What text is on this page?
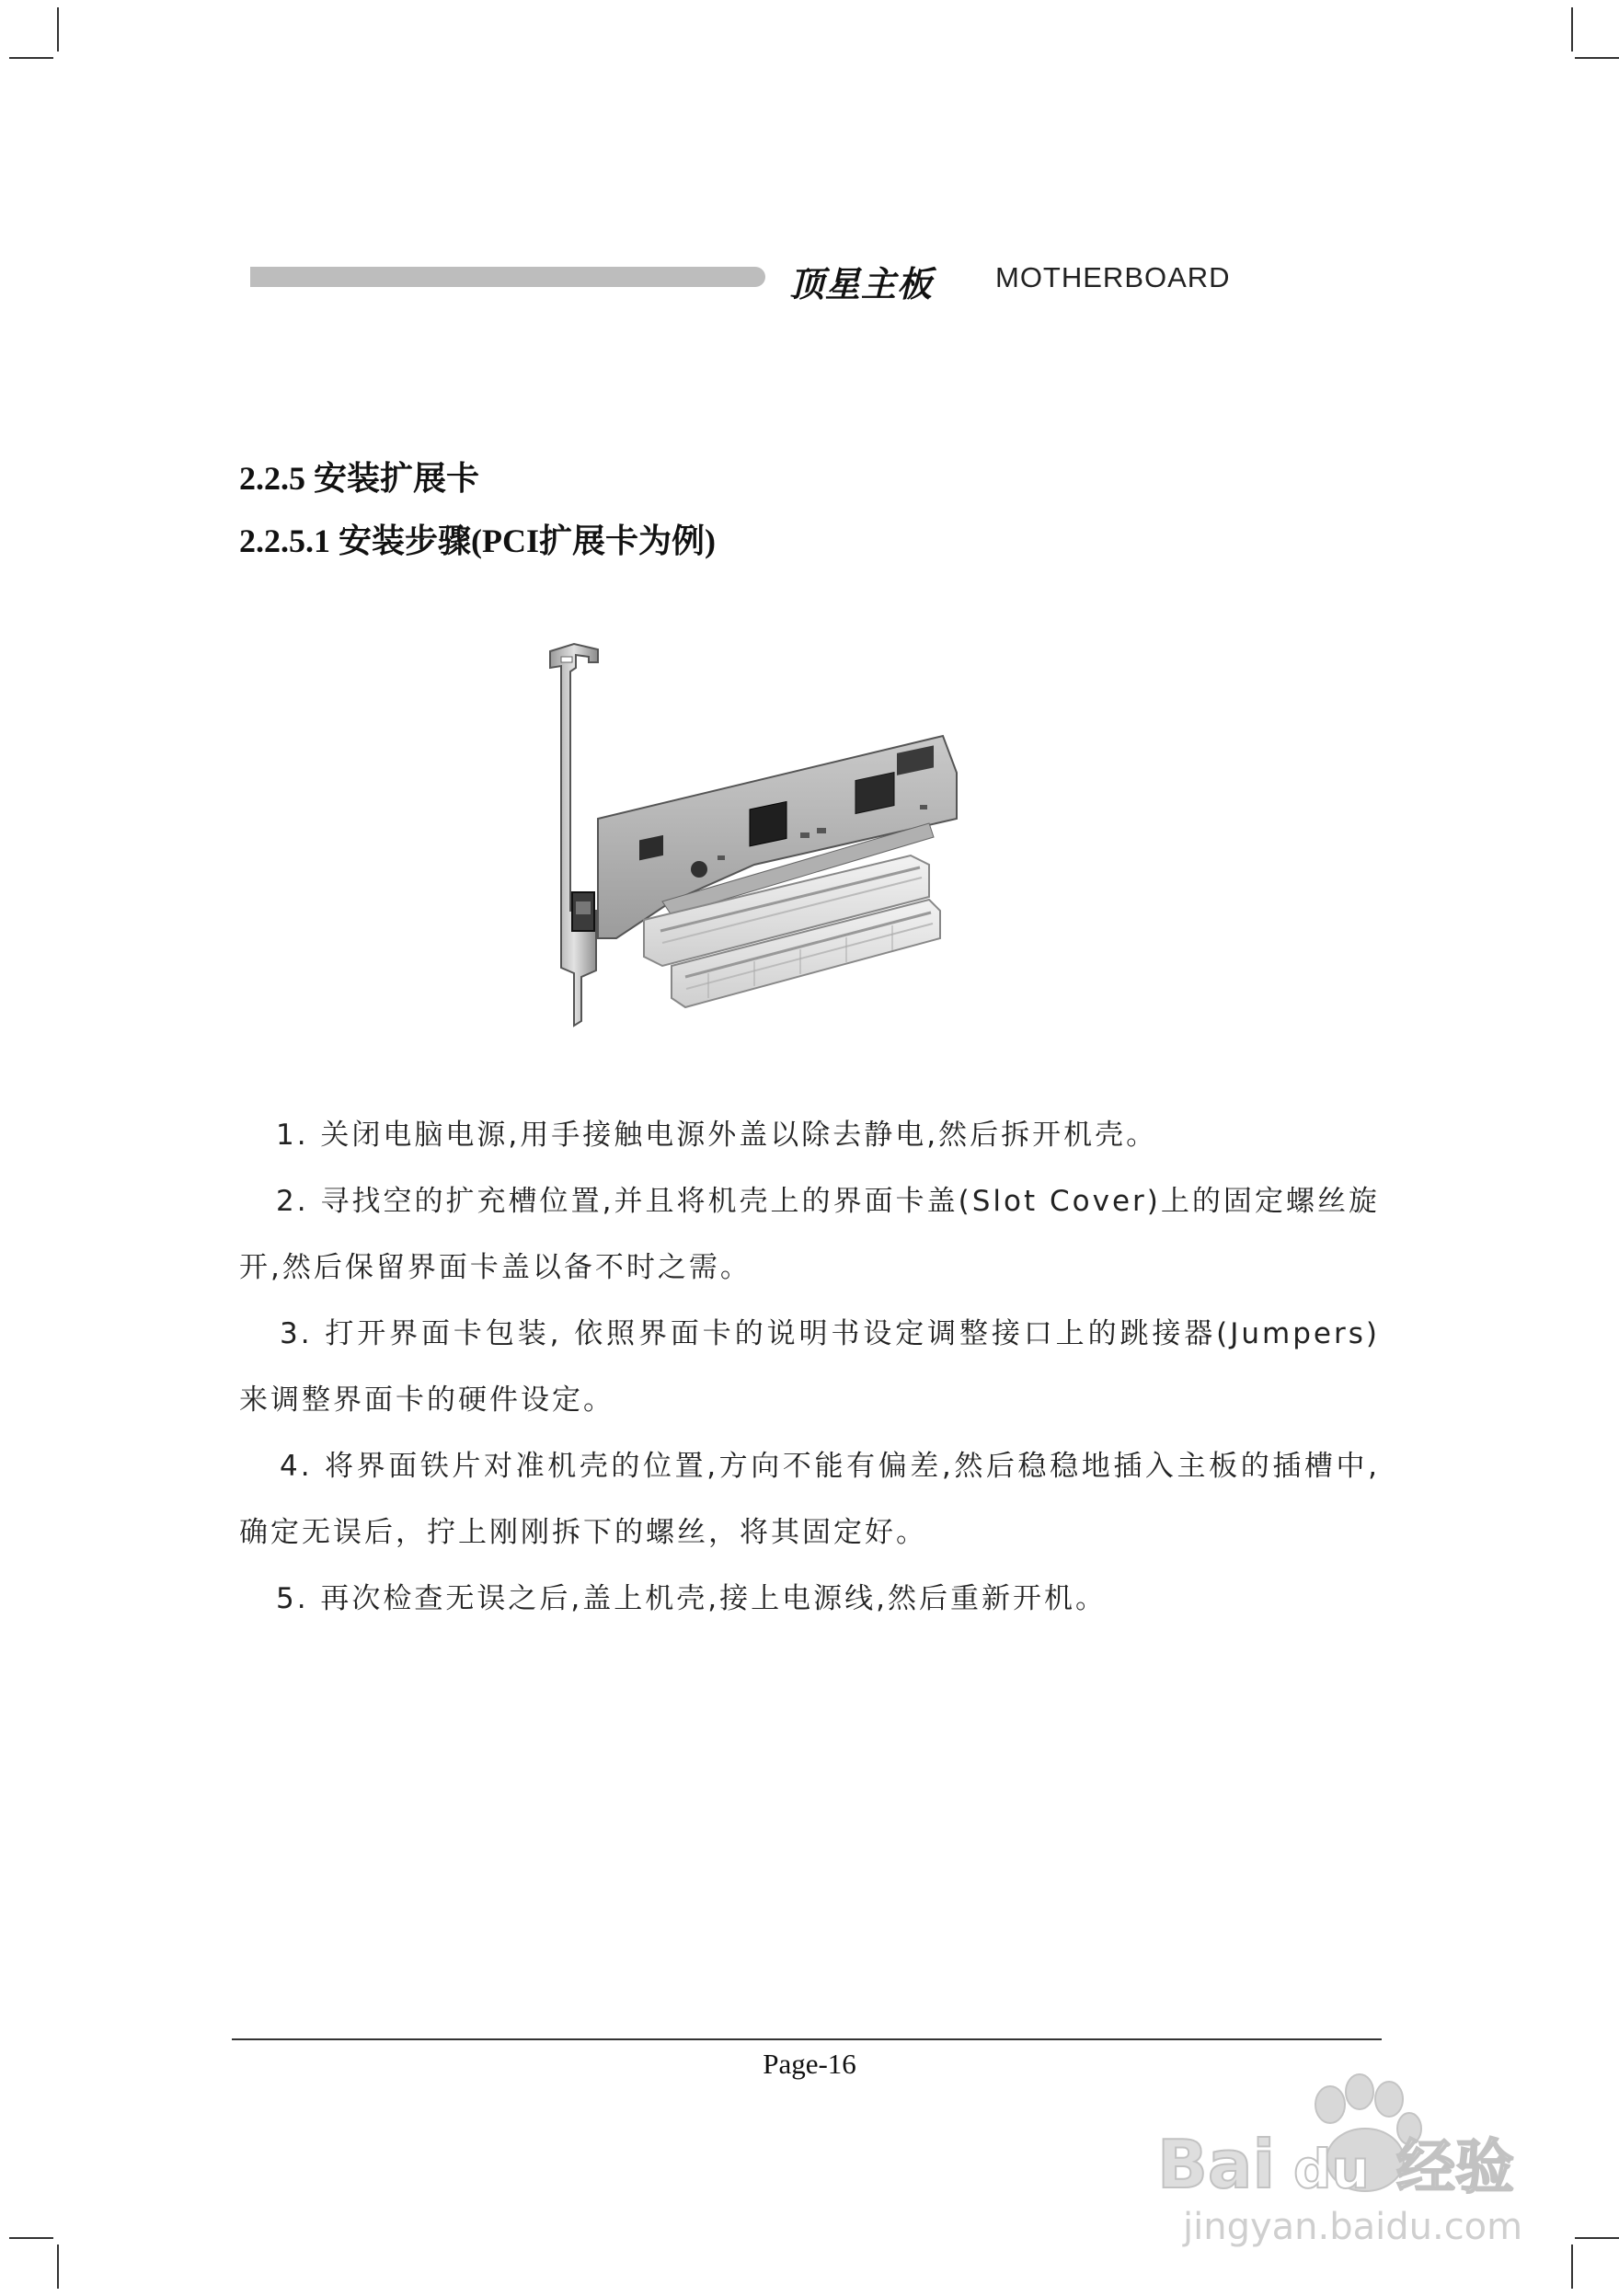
顶星主板 MOTHERBOARD
2.2.5 安装扩展卡
2.2.5.1 安装步骤(PCI扩展卡为例)

1. 关闭电脑电源,用手接触电源外盖以除去静电,然后拆开机壳。

2. 寻找空的扩充槽位置,并且将机壳上的界面卡盖(Slot Cover)上的固定螺丝旋开,然后保留界面卡盖以备不时之需。

3. 打开界面卡包装, 依照界面卡的说明书设定调整接口上的跳接器(Jumpers)来调整界面卡的硬件设定。

4. 将界面铁片对准机壳的位置,方向不能有偏差,然后稳稳地插入主板的插槽中,确定无误后，拧上刚刚拆下的螺丝，将其固定好。

5. 再次检查无误之后,盖上机壳,接上电源线,然后重新开机。

Page-16
Bai du 经验
jingyan.baidu.com
